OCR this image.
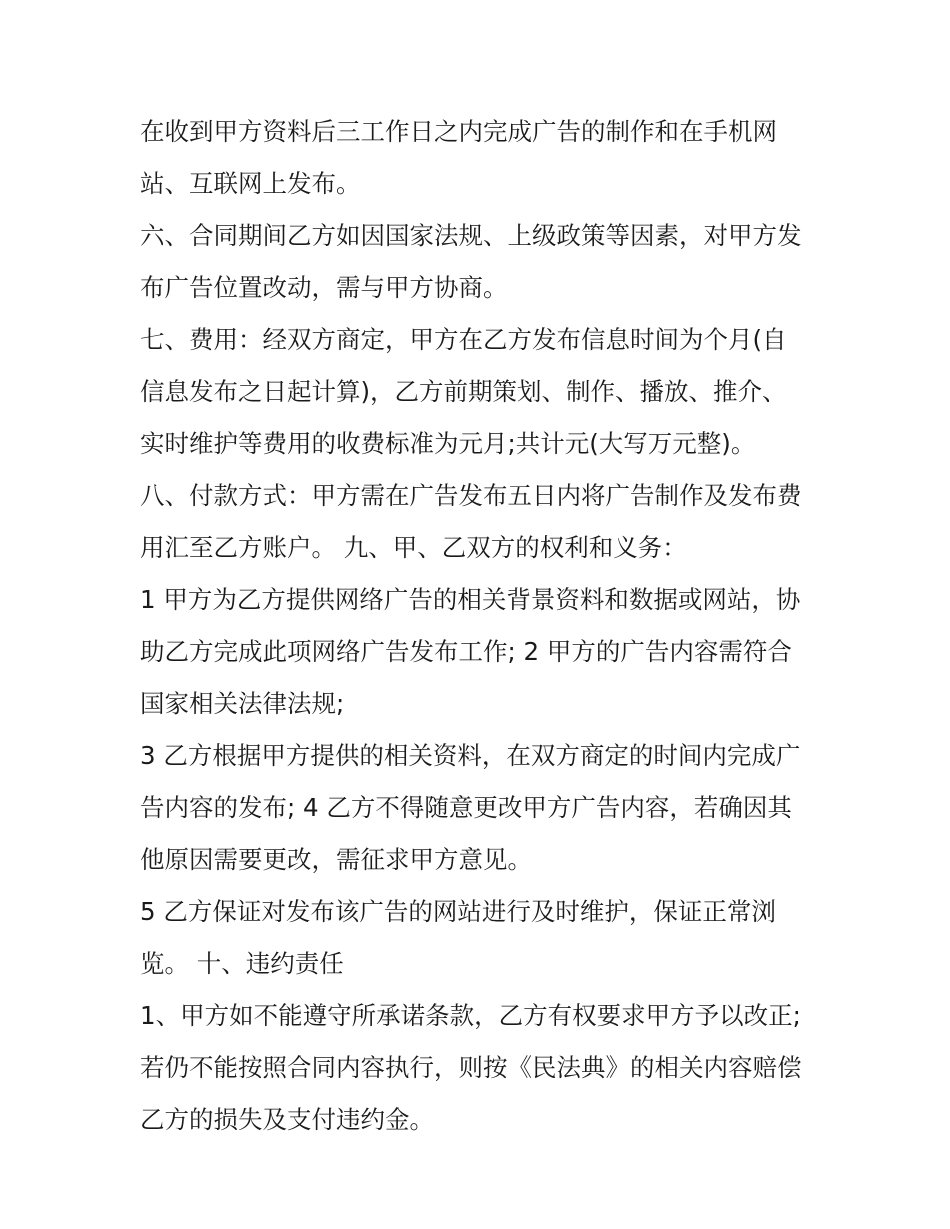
在收到甲方资料后三工作日之内完成广告的制作和在手机网
站、互联网上发布。
六、合同期间乙方如因国家法规、上级政策等因素，对甲方发
布广告位置改动，需与甲方协商。
七、费用：经双方商定，甲方在乙方发布信息时间为个月(自
信息发布之日起计算)，乙方前期策划、制作、播放、推介、
实时维护等费用的收费标准为元月;共计元(大写万元整)。
八、付款方式：甲方需在广告发布五日内将广告制作及发布费
用汇至乙方账户。 九、甲、乙双方的权利和义务：
1 甲方为乙方提供网络广告的相关背景资料和数据或网站，协
助乙方完成此项网络广告发布工作; 2 甲方的广告内容需符合
国家相关法律法规;
3 乙方根据甲方提供的相关资料，在双方商定的时间内完成广
告内容的发布; 4 乙方不得随意更改甲方广告内容，若确因其
他原因需要更改，需征求甲方意见。
5 乙方保证对发布该广告的网站进行及时维护，保证正常浏
览。 十、违约责任
1、甲方如不能遵守所承诺条款，乙方有权要求甲方予以改正;
若仍不能按照合同内容执行，则按《民法典》的相关内容赔偿
乙方的损失及支付违约金。
